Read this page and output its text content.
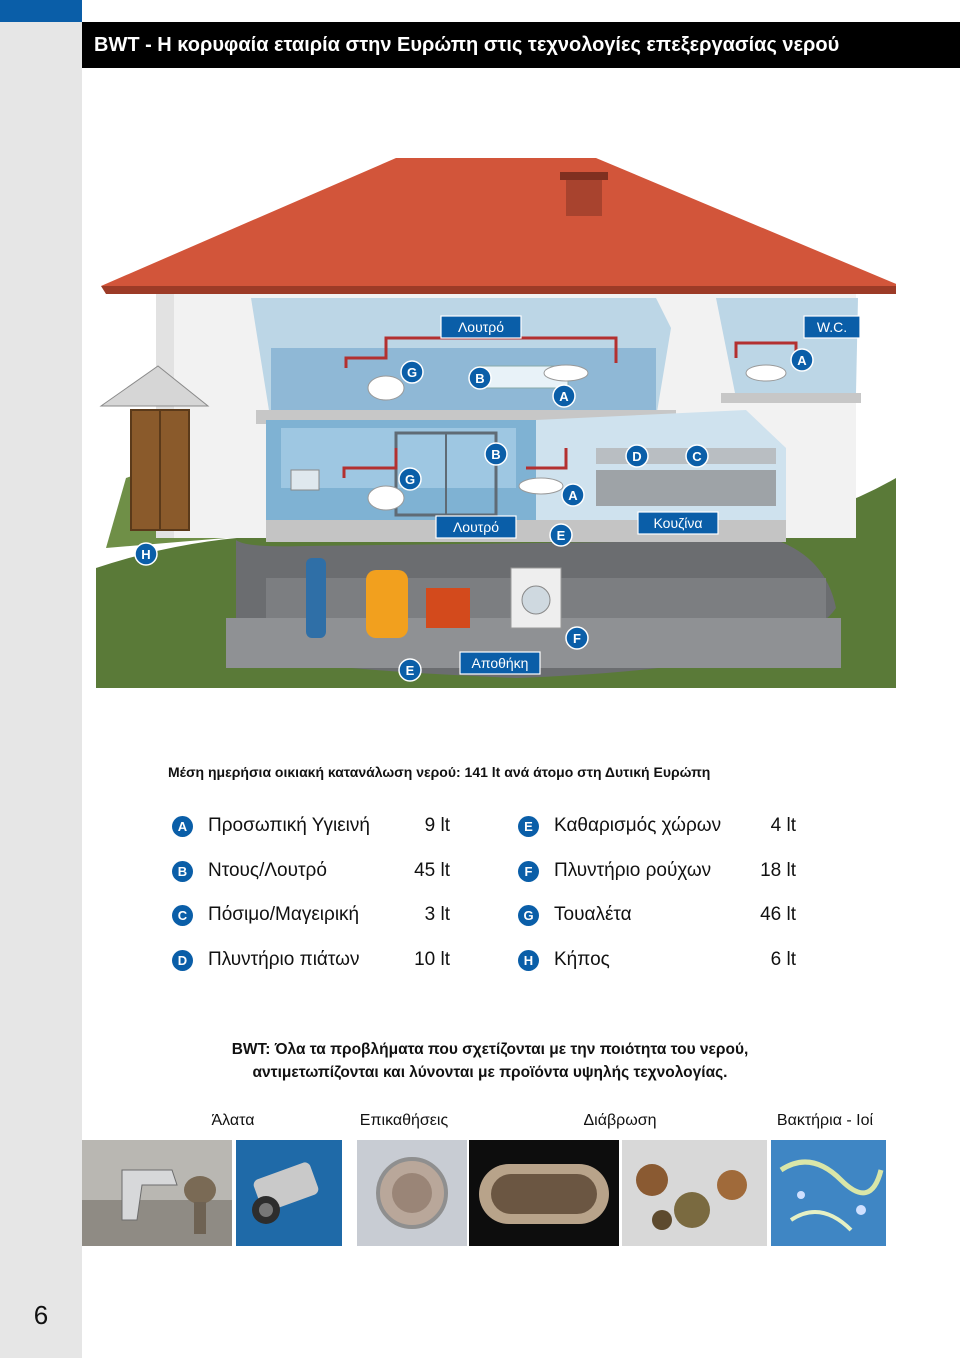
6
BWT - Η κορυφαία εταιρία στην Ευρώπη στις τεχνολογίες επεξεργασίας νερού
Λουτρό	W.C.
Λουτρό	Κουζίνα
Αποθήκη
G	B
A
A
G
B
A
D	C
H
E
E
F
Μέση ημερήσια οικιακή κατανάλωση νερού: 141 lt ανά άτομο στη Δυτική Ευρώπη
A	Προσωπική Υγιεινή	9 lt
B	Ντους/Λουτρό	45 lt
C	Πόσιμο/Μαγειρική	3 lt
D	Πλυντήριο πιάτων	10 lt
E	Καθαρισμός χώρων	4 lt
F	Πλυντήριο ρούχων	18 lt
G Τουαλέτα	46 lt
H	Κήπος	6 lt
BWT: Όλα τα προβλήματα που σχετίζονται με την ποιότητα του νερού,
αντιμετωπίζονται και λύνονται με προϊόντα υψηλής τεχνολογίας.
Άλατα	Επικαθήσεις	Διάβρωση	Βακτήρια - Ιοί
